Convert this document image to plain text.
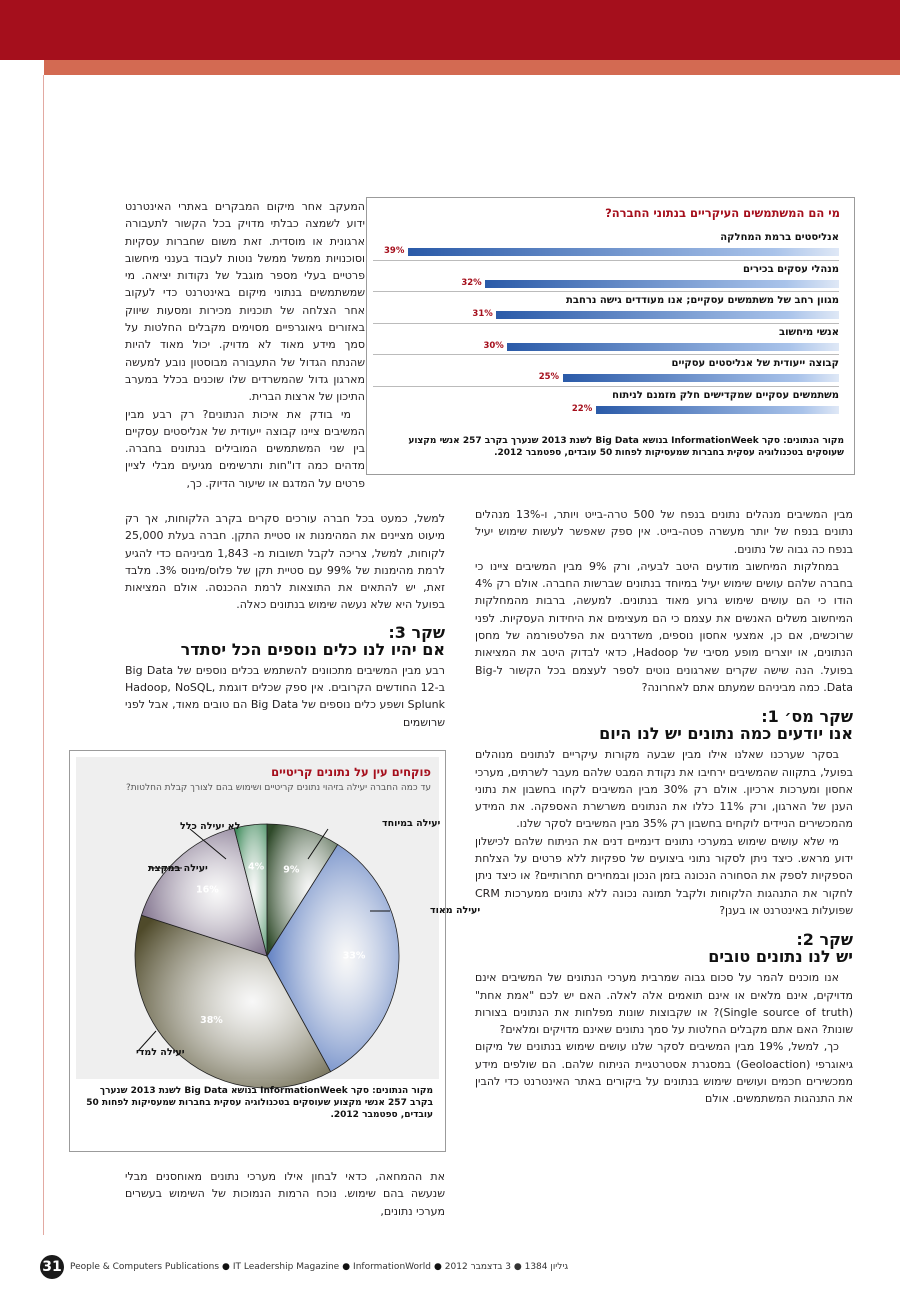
המעקב אחר מיקום המבקרים באתרי האינטרנט ידוע לשמצה כבלתי מדויק בכל הקשור לתעבורה ארגונית או מוסדית. זאת משום שחברות עסקיות וסוכנויות ממשל ממשל נוטות לעבוד בענני מיחשוב פרטיים בעלי מספר מוגבל של נקודות יציאה. מי שמשתמשים בנתוני מיקום באינטרנט כדי לעקוב אחר הצלחה של תוכניות מכירות ומסעות שיווק באזורים גיאוגרפיים מסוימים מקבלים החלטות על סמך מידע מאוד לא מדויק. יכול מאוד להיות שהנתח הגדול של התעבורה מבוסטון נובע למעשה מארגון גדול שהמשרדים שלו שוכנים בכלל במערב התיכון של ארצות הברית.

מי בודק את איכות הנתונים? רק רבע מבין המשיבים ציינו קבוצה ייעודית של אנליסטים עסקיים בין שני המשתמשים המובילים בנתונים בחברה. מדהים כמה דו"חות ותרשימים מגיעים מבלי לציין פרטים על המדגם או שיעור הדיוק. כך,

למשל, כמעט בכל חברה עורכים סקרים בקרב הלקוחות, אך רק מיעוט מציינים את המהימנות או סטיית התקן. חברה בעלת 25,000 לקוחות, למשל, צריכה לקבל תשובות מ- 1,843 מביניהם כדי להגיע לרמת מהימנות של 99% עם סטיית תקן של פלוס/מינוס 3%. מלבד זאת, יש להתאים את התוצאות לרמת ההכנסה. אולם המציאות בפועל היא שלא נעשה שימוש בנתונים כאלה.

שקר 3:
אם יהיו לנו כלים נוספים הכל יסתדר

רבע מבין המשיבים מתכוונים להשתמש בכלים נוספים של Big Data ב-12 החודשים הקרובים. אין ספק שכלים דוגמת Hadoop, NoSQL, Splunk ושפע כלים נוספים של Big Data הם טובים מאוד, אבל לפני שרושמים

את ההמחאה, כדאי לבחון אילו מערכי נתונים מאוחסנים מבלי שנעשה בהם שימוש. נוכח הרמות הנמוכות של השימוש בעשרים מערכי נתונים,

מבין המשיבים מנהלים נתונים בנפח של 500 טרה-בייט ויותר, ו-13% מנהלים נתונים בנפח של יותר מעשרה פטה-בייט. אין ספק שאפשר לעשות שימוש יעיל בנפח כה גבוה של נתונים.

במחלקות המיחשוב מודעים היטב לבעיה, ורק 9% מבין המשיבים ציינו כי בחברה שלהם עושים שימוש יעיל במיוחד בנתונים שברשות החברה. אולם רק 4% הודו כי הם עושים שימוש גרוע מאוד בנתונים. למעשה, ברבות מהמחלקות המיחשוב משלים האנשים את עצמם כי הם מעצימים את היחידות העסקיות. לפני שרוכשים, אם כן, אמצעי אחסון נוספים, משדרגים את הפלטפורמה של מחסן הנתונים, או יוצרים מופע מסיבי של Hadoop, כדאי לבדוק היטב את המציאות בפועל. הנה שישה שקרים שארגונים נוטים לספר לעצמם בכל הקשור ל-Big Data. כמה מביניהם שמעתם אתם לאחרונה?

שקר מס׳ 1:
אנו יודעים כמה נתונים יש לנו היום

בסקר שערכנו שאלנו אילו מבין שבעה מקורות עיקריים לנתונים מנוהלים בפועל, בתקווה שהמשיבים ירחיבו את נקודת המבט שלהם מעבר לשרתים, מערכי אחסון ומערכות ארכיון. אולם רק 30% מבין המשיבים לקחו בחשבון את נתוני הענן של הארגון, ורק 11% כללו את הנתונים משרשרת האספקה. את המידע מהמכשירים הניידים לוקחים בחשבון רק 35% מבין המשיבים לסקר שלנו.

מי שלא עושים שימוש במערכי נתונים דינמיים דנים את הניתוח שלהם לכישלון ידוע מראש. כיצד ניתן לסקור נתוני ביצועים של ספקיות ללא פרטים על הצלחת הספקיות לספק את הסחורה הנכונה בזמן הנכון ובמחירים תחרותיים? או כיצד ניתן לחקור את התנהגות הלקוחות ולקבל תמונה נכונה ללא נתונים ממערכות CRM שפועלות באינטרנט או בענן?

שקר 2:
יש לנו נתונים טובים

אנו מוכנים להמר על סכום גבוה שמרבית מערכי הנתונים של המשיבים אינם מדויקים, אינם מלאים או אינם תואמים אלה לאלה. האם יש לכם "אמת אחת" (Single source of truth)? או שקבוצות שונות מפלחות את הנתונים בצורות שונות? האם אתם מקבלים החלטות על סמך נתונים שאינם מדויקים ומלאים?

כך, למשל, 19% מבין המשיבים לסקר שלנו עושים שימוש בנתונים של מיקום גיאוגרפי (Geoloaction) במסגרת אסטרטגיית הניתוח שלהם. הם שולפים מידע ממכשירים חכמים ועושים שימוש בנתונים על ביקורים באתר האינטרנט כדי להבין את התנהגות המשתמשים. אולם

מי הם המשתמשים העיקריים בנתוני החברה?
אנליסטים ברמת המחלקה
39%
מנהלי עסקים בכירים
32%
מגוון רחב של משתמשים עסקיים; אנו מעודדים גישה נרחבת
31%
אנשי מיחשוב
30%
קבוצה ייעודית של אנליסטים עסקיים
25%
משתמשים עסקיים שמקדישים חלק מזמנם לניתוח
22%
מקור הנתונים: סקר InformationWeek בנושא Big Data לשנת 2013 שנערך בקרב 257 אנשי מקצוע שעוסקים בטכנולוגיה עסקית בחברות שמעסיקות לפחות 50 עובדים, ספטמבר 2012.
פוקחים עין על נתונים קריטיים
עד כמה החברה יעילה בזיהוי נתונים קריטיים ושימוש בהם לצורך קבלת החלטות?
9%
33%
38%
16%
4%
יעילה במיוחד
יעילה מאוד
יעילה למדי
יעילה במקצת
לא יעילה כלל
מקור הנתונים: סקר InformationWeek בנושא Big Data לשנת 2013 שנערך בקרב 257 אנשי מקצוע שעוסקים בטכנולוגיה עסקית בחברות שמעסיקות לפחות 50 עובדים, ספטמבר 2012.
31 People & Computers Publications ● IT Leadership Magazine ● InformationWorld ● גיליון 1384 ● 3 בדצמבר 2012
